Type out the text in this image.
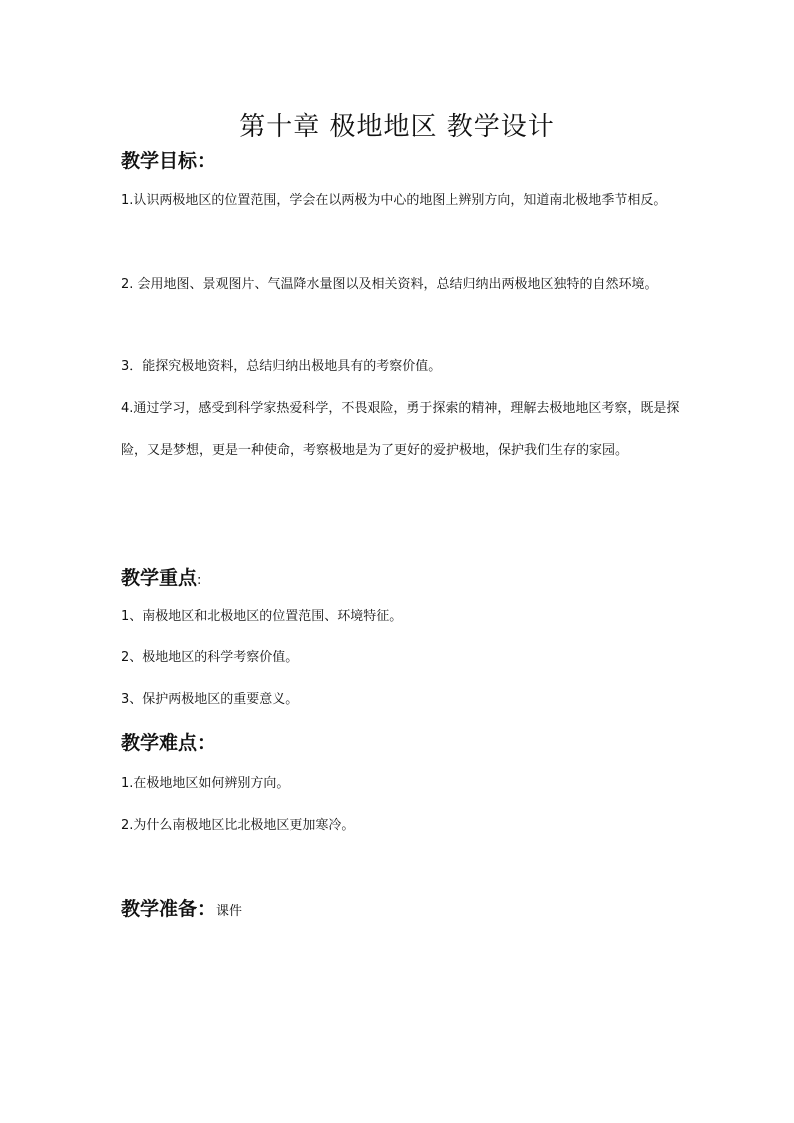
第十章 极地地区 教学设计
教学目标：
1.认识两极地区的位置范围，学会在以两极为中心的地图上辨别方向，知道南北极地季节相反。
2. 会用地图、景观图片、气温降水量图以及相关资料，总结归纳出两极地区独特的自然环境。
3．能探究极地资料，总结归纳出极地具有的考察价值。
4.通过学习，感受到科学家热爱科学，不畏艰险，勇于探索的精神，理解去极地地区考察，既是探险，又是梦想，更是一种使命，考察极地是为了更好的爱护极地，保护我们生存的家园。
教学重点:
1、南极地区和北极地区的位置范围、环境特征。
2、极地地区的科学考察价值。
3、保护两极地区的重要意义。
教学难点：
1.在极地地区如何辨别方向。
2.为什么南极地区比北极地区更加寒冷。
教学准备：课件
